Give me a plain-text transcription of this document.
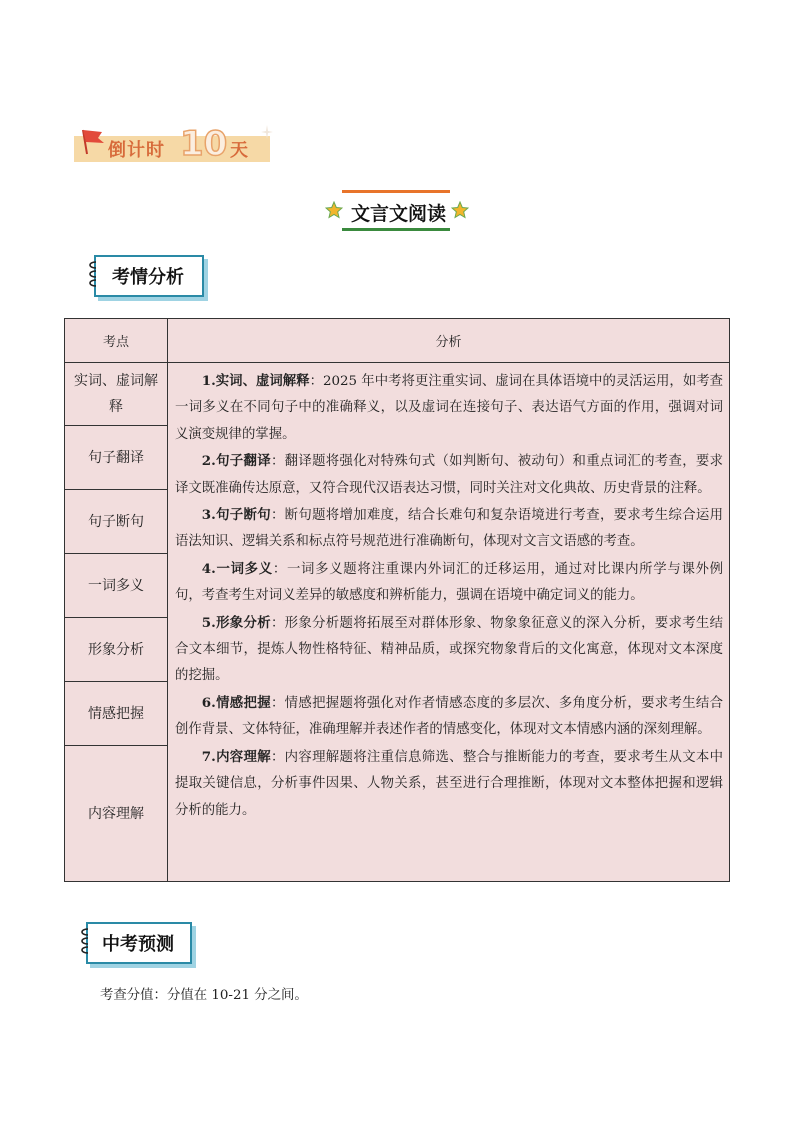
倒计时 10 天
文言文阅读
考情分析
考点	分析
实词、虚词解释
句子翻译
句子断句
一词多义
形象分析
情感把握
内容理解

1.实词、虚词解释：2025 年中考将更注重实词、虚词在具体语境中的灵活运用，如考查一词多义在不同句子中的准确释义，以及虚词在连接句子、表达语气方面的作用，强调对词义演变规律的掌握。

2.句子翻译：翻译题将强化对特殊句式（如判断句、被动句）和重点词汇的考查，要求译文既准确传达原意，又符合现代汉语表达习惯，同时关注对文化典故、历史背景的注释。

3.句子断句：断句题将增加难度，结合长难句和复杂语境进行考查，要求考生综合运用语法知识、逻辑关系和标点符号规范进行准确断句，体现对文言文语感的考查。

4.一词多义：一词多义题将注重课内外词汇的迁移运用，通过对比课内所学与课外例句，考查考生对词义差异的敏感度和辨析能力，强调在语境中确定词义的能力。

5.形象分析：形象分析题将拓展至对群体形象、物象象征意义的深入分析，要求考生结合文本细节，提炼人物性格特征、精神品质，或探究物象背后的文化寓意，体现对文本深度的挖掘。

6.情感把握：情感把握题将强化对作者情感态度的多层次、多角度分析，要求考生结合创作背景、文体特征，准确理解并表述作者的情感变化，体现对文本情感内涵的深刻理解。

7.内容理解：内容理解题将注重信息筛选、整合与推断能力的考查，要求考生从文本中提取关键信息，分析事件因果、人物关系，甚至进行合理推断，体现对文本整体把握和逻辑分析的能力。

中考预测
考查分值：分值在 10-21 分之间。
